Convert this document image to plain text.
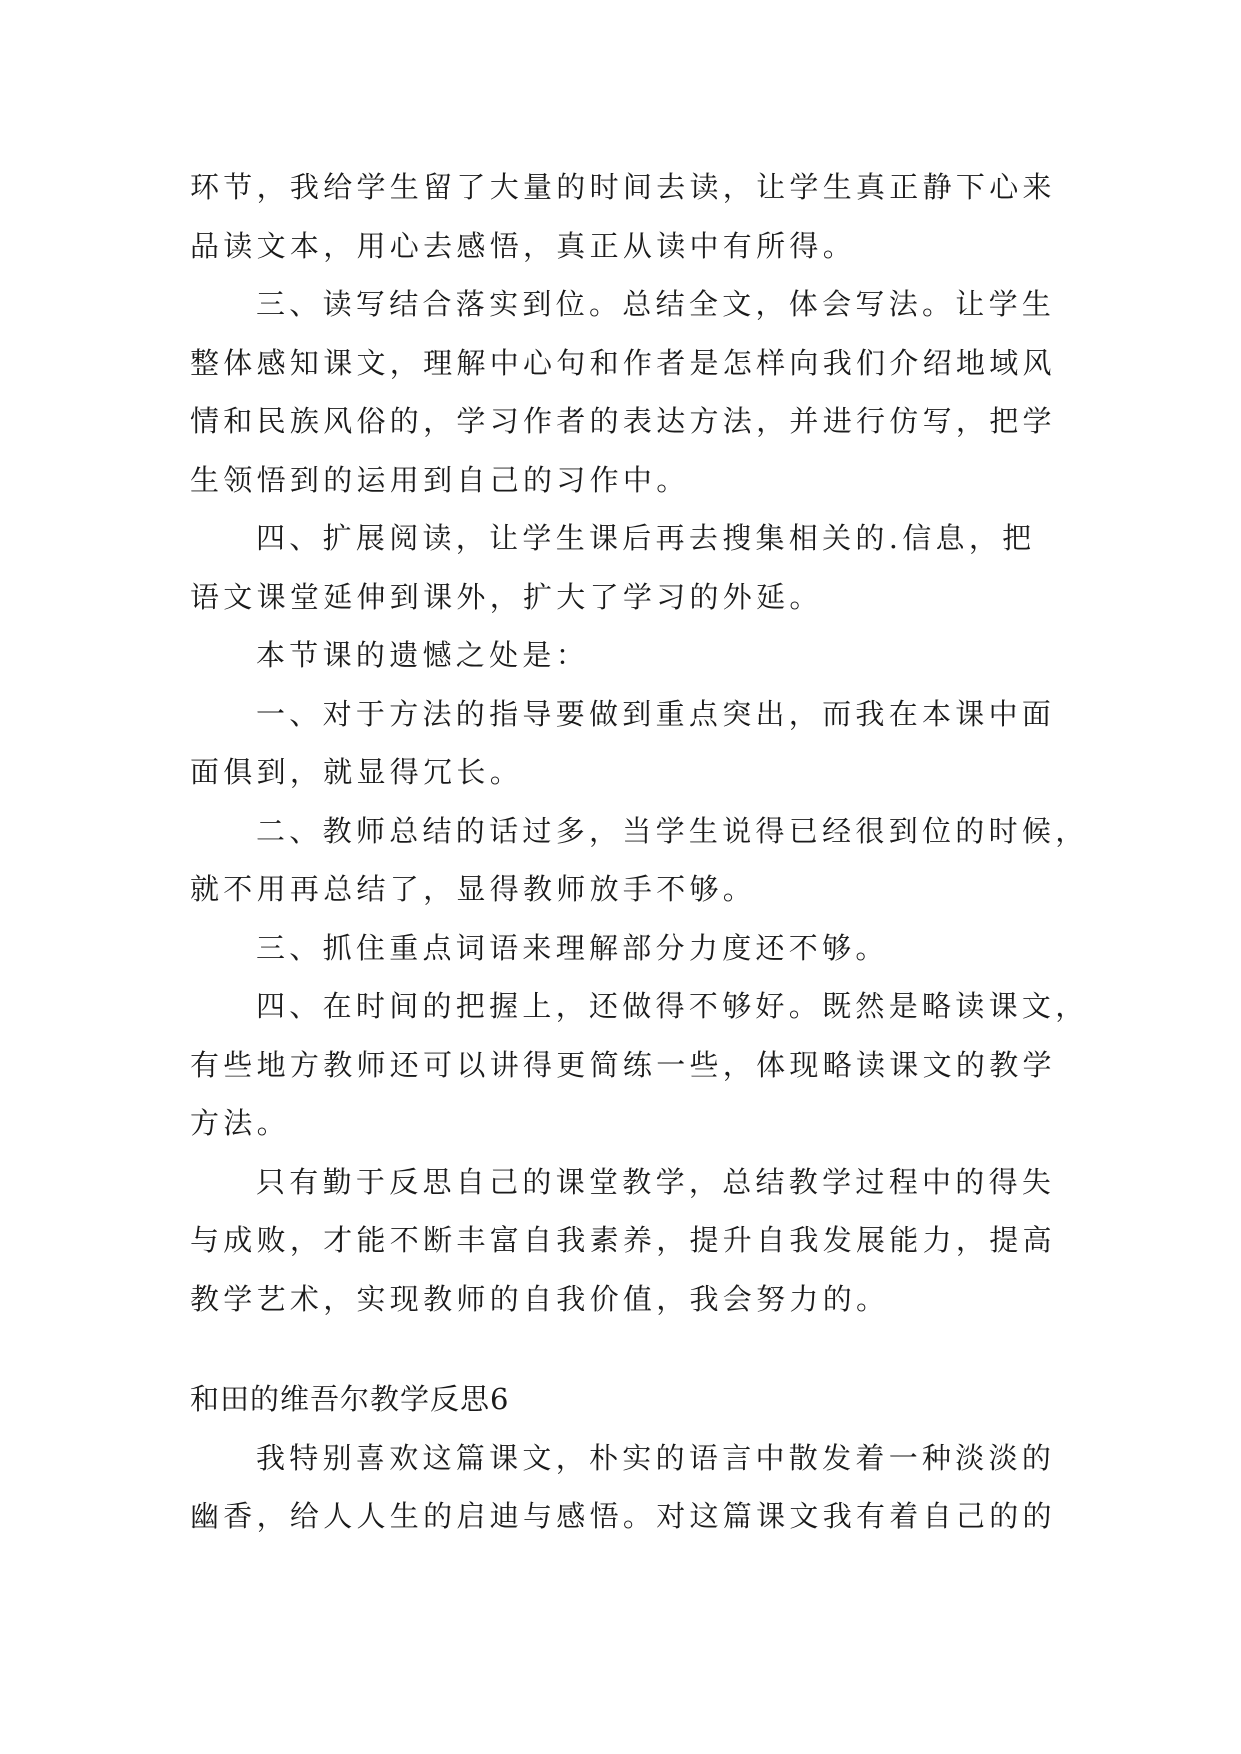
环节，我给学生留了大量的时间去读，让学生真正静下心来
品读文本，用心去感悟，真正从读中有所得。
三、读写结合落实到位。总结全文，体会写法。让学生
整体感知课文，理解中心句和作者是怎样向我们介绍地域风
情和民族风俗的，学习作者的表达方法，并进行仿写，把学
生领悟到的运用到自己的习作中。
四、扩展阅读，让学生课后再去搜集相关的.信息，把
语文课堂延伸到课外，扩大了学习的外延。
本节课的遗憾之处是：
一、对于方法的指导要做到重点突出，而我在本课中面
面俱到，就显得冗长。
二、教师总结的话过多，当学生说得已经很到位的时候，
就不用再总结了，显得教师放手不够。
三、抓住重点词语来理解部分力度还不够。
四、在时间的把握上，还做得不够好。既然是略读课文，
有些地方教师还可以讲得更简练一些，体现略读课文的教学
方法。
只有勤于反思自己的课堂教学，总结教学过程中的得失
与成败，才能不断丰富自我素养，提升自我发展能力，提高
教学艺术，实现教师的自我价值，我会努力的。
和田的维吾尔教学反思6
我特别喜欢这篇课文，朴实的语言中散发着一种淡淡的
幽香，给人人生的启迪与感悟。对这篇课文我有着自己的的
